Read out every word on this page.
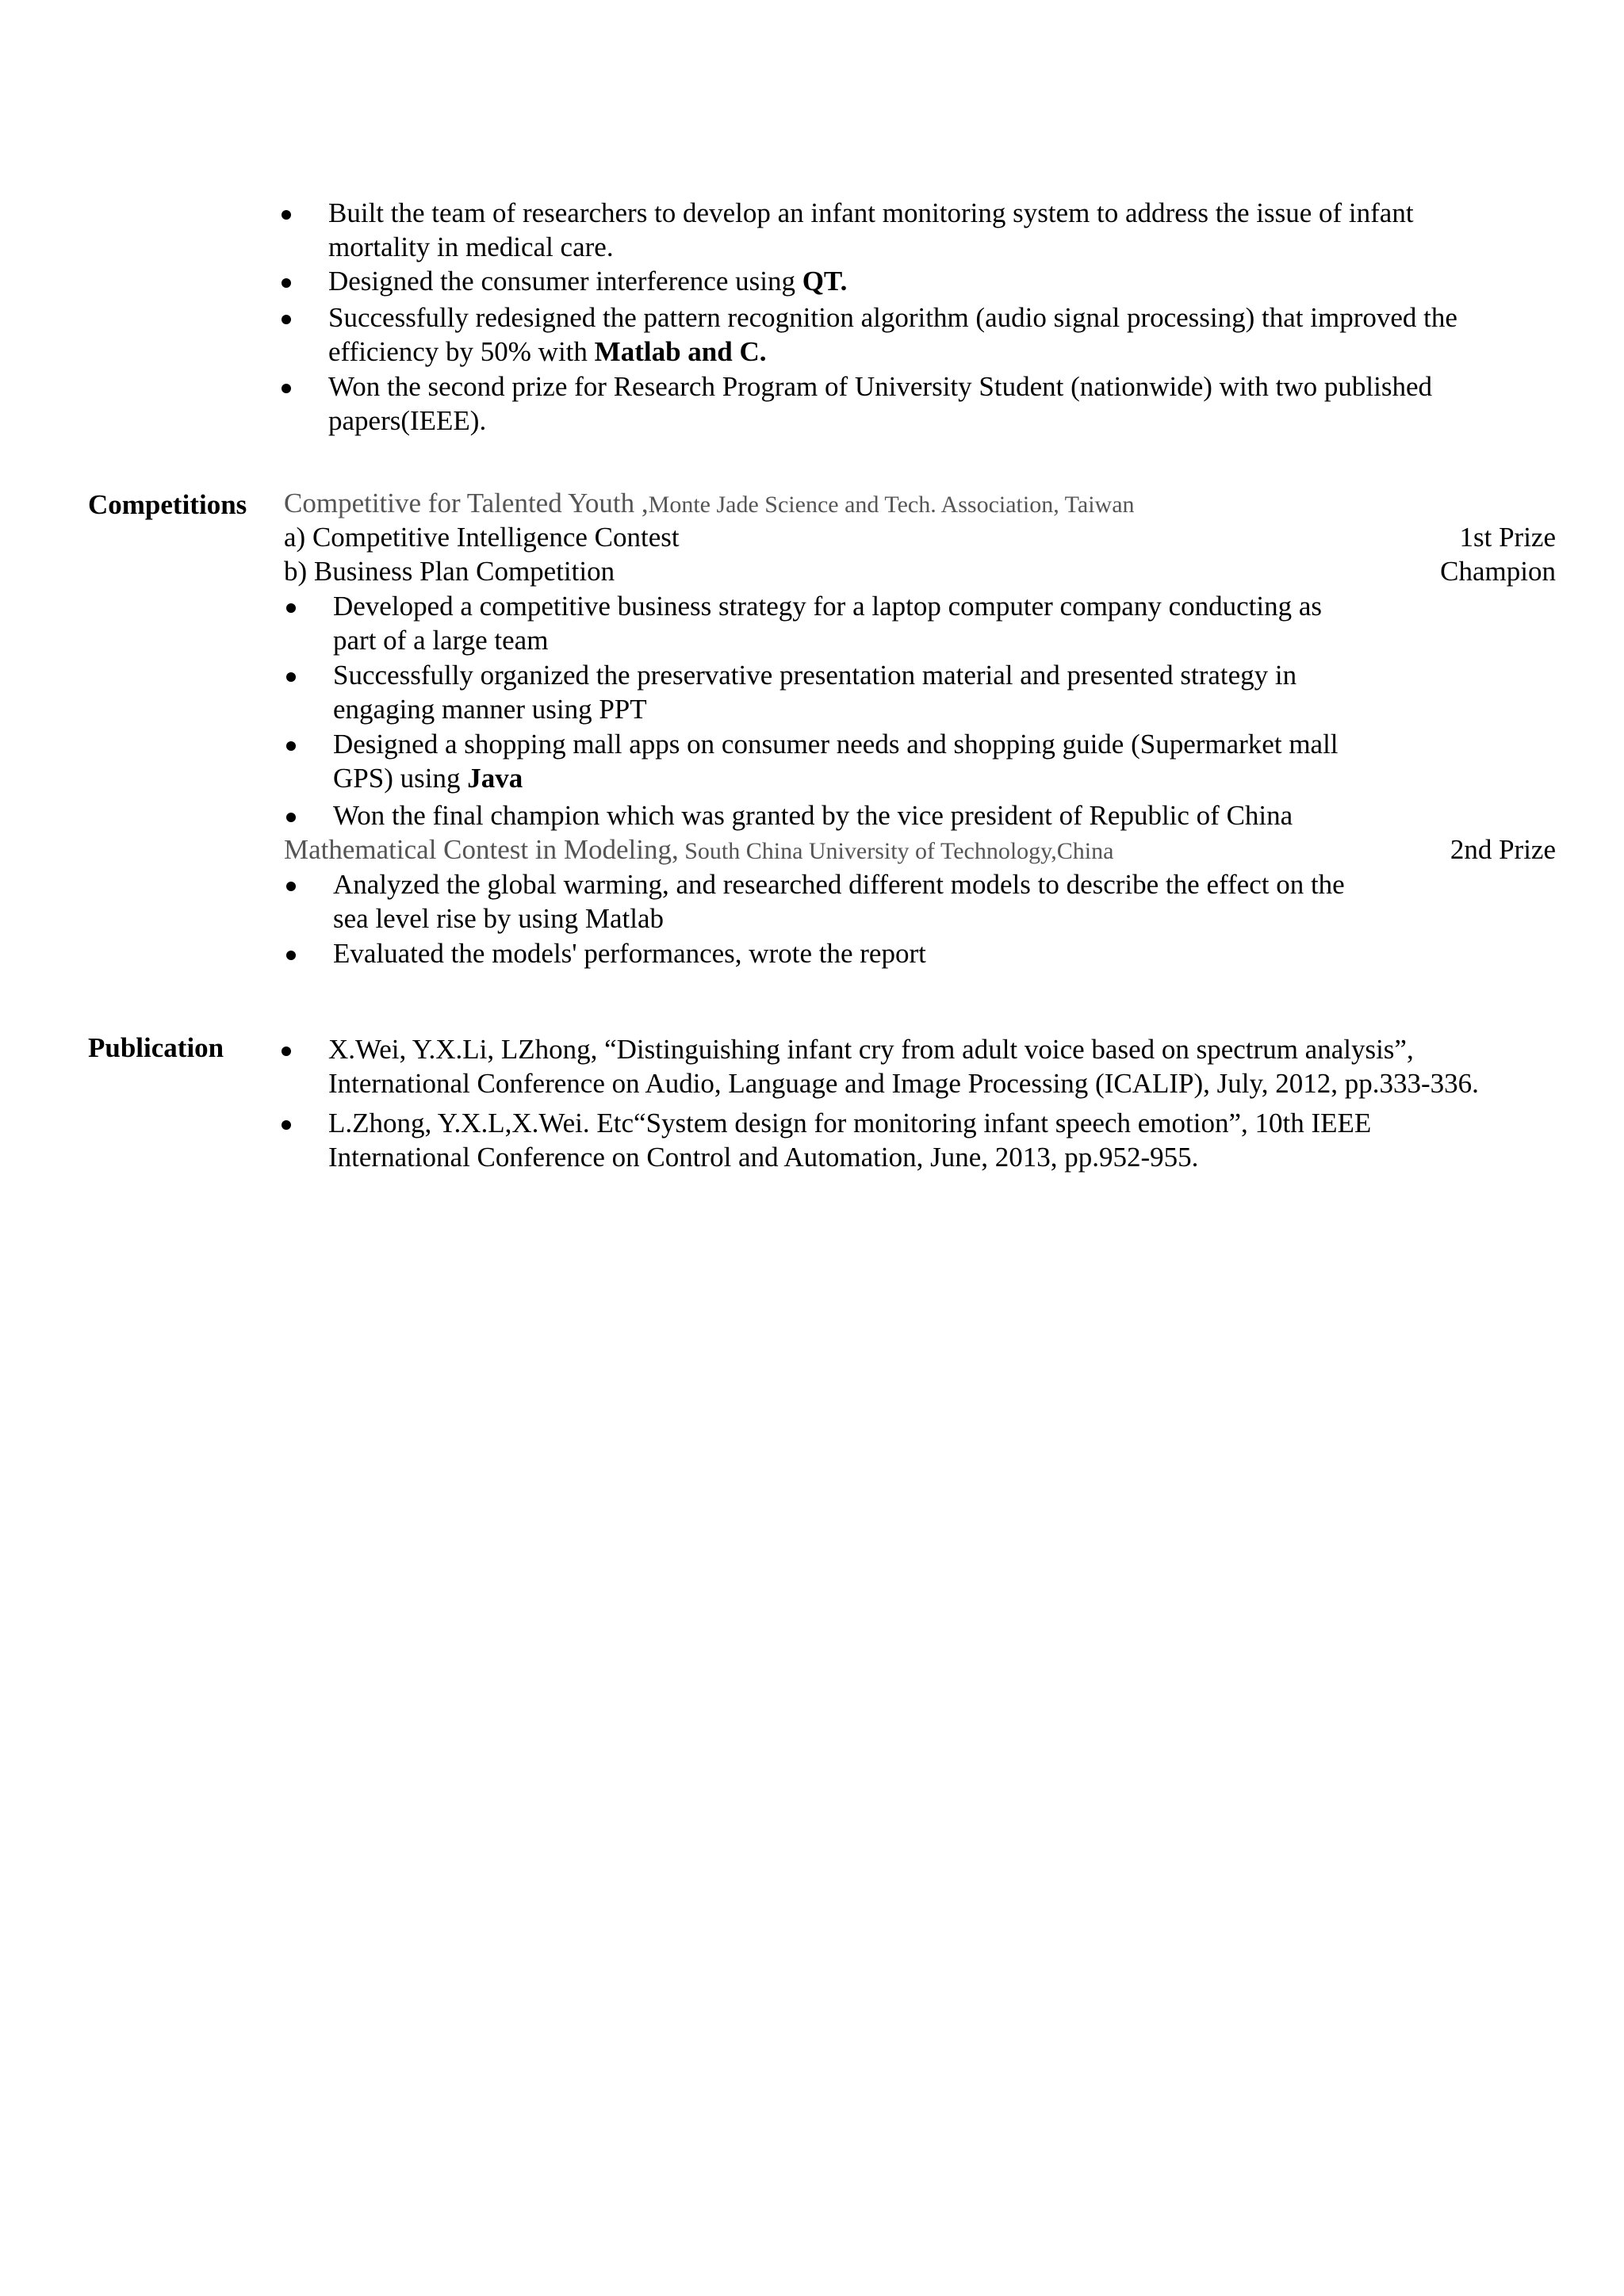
Built the team of researchers to develop an infant monitoring system to address the issue of infant
mortality in medical care.
Designed the consumer interference using QT.
Successfully redesigned the pattern recognition algorithm (audio signal processing) that improved the
efficiency by 50% with Matlab and C.
Won the second prize for Research Program of University Student (nationwide) with two published
papers(IEEE).
Competitions Competitive for Talented Youth ,Monte Jade Science and Tech. Association, Taiwan
a) Competitive Intelligence Contest	1st Prize
b) Business Plan Competition	Champion
Developed a competitive business strategy for a laptop computer company conducting as
part of a large team
Successfully organized the preservative presentation material and presented strategy in
engaging manner using PPT
Designed a shopping mall apps on consumer needs and shopping guide (Supermarket mall
GPS) using Java
Won the final champion which was granted by the vice president of Republic of China
Mathematical Contest in Modeling, South China University of Technology,China	2nd Prize
Analyzed the global warming, and researched different models to describe the effect on the
sea level rise by using Matlab
Evaluated the models' performances, wrote the report
Publication	X.Wei, Y.X.Li, LZhong, “Distinguishing infant cry from adult voice based on spectrum analysis”,
International Conference on Audio, Language and Image Processing (ICALIP), July, 2012, pp.333-336.
L.Zhong, Y.X.L,X.Wei. Etc“System design for monitoring infant speech emotion”, 10th IEEE
International Conference on Control and Automation, June, 2013, pp.952-955.
